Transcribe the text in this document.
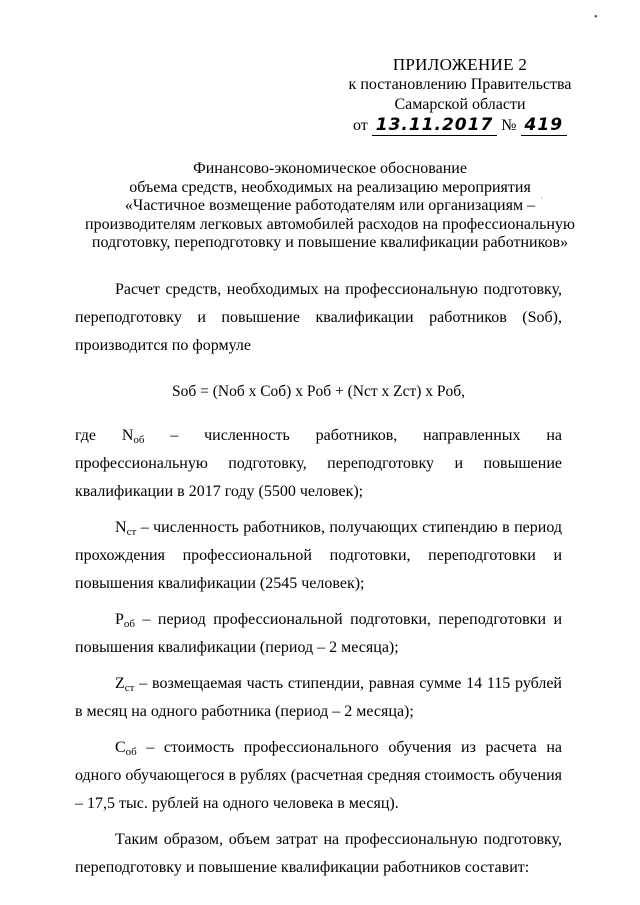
•
˙
ПРИЛОЖЕНИЕ 2
к постановлению Правительства
Самарской области
от 13.11.2017 № 419
Финансово-экономическое обоснование
объема средств, необходимых на реализацию мероприятия
«Частичное возмещение работодателям или организациям –
производителям легковых автомобилей расходов на профессиональную
подготовку, переподготовку и повышение квалификации работников»

Расчет средств, необходимых на профессиональную подготовку, переподготовку и повышение квалификации работников (Sоб), производится по формуле

Sоб = (Nоб х Cоб) х Pоб + (Nст х Zст) х Pоб,

где $N_{об}$ – численность работников, направленных на профессиональную подготовку, переподготовку и повышение квалификации в 2017 году (5500 человек);

$N_{ст}$ – численность работников, получающих стипендию в период прохождения профессиональной подготовки, переподготовки и повышения квалификации (2545 человек);

$P_{об}$ – период профессиональной подготовки, переподготовки и повышения квалификации (период – 2 месяца);

$Z_{ст}$ – возмещаемая часть стипендии, равная сумме 14 115 рублей в месяц на одного работника (период – 2 месяца);

$C_{об}$ – стоимость профессионального обучения из расчета на одного обучающегося в рублях (расчетная средняя стоимость обучения – 17,5 тыс. рублей на одного человека в месяц).

Таким образом, объем затрат на профессиональную подготовку, переподготовку и повышение квалификации работников составит:
